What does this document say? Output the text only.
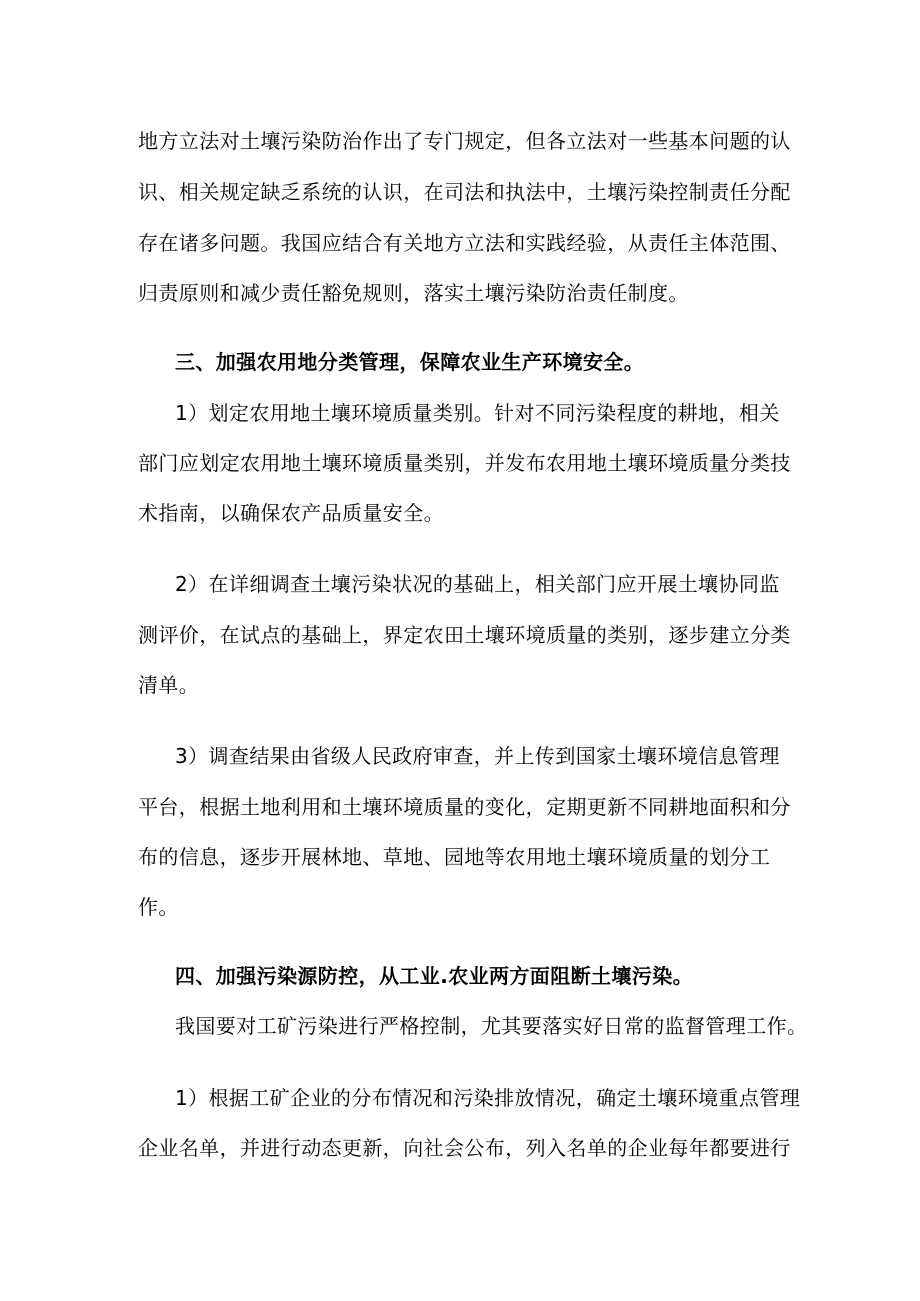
地方立法对土壤污染防治作出了专门规定，但各立法对一些基本问题的认
识、相关规定缺乏系统的认识，在司法和执法中，土壤污染控制责任分配
存在诸多问题。我国应结合有关地方立法和实践经验，从责任主体范围、
归责原则和减少责任豁免规则，落实土壤污染防治责任制度。
三、加强农用地分类管理，保障农业生产环境安全。
1）划定农用地土壤环境质量类别。针对不同污染程度的耕地，相关
部门应划定农用地土壤环境质量类别，并发布农用地土壤环境质量分类技
术指南，以确保农产品质量安全。
2）在详细调查土壤污染状况的基础上，相关部门应开展土壤协同监
测评价，在试点的基础上，界定农田土壤环境质量的类别，逐步建立分类
清单。
3）调查结果由省级人民政府审查，并上传到国家土壤环境信息管理
平台，根据土地利用和土壤环境质量的变化，定期更新不同耕地面积和分
布的信息，逐步开展林地、草地、园地等农用地土壤环境质量的划分工
作。
四、加强污染源防控，从工业.农业两方面阻断土壤污染。
我国要对工矿污染进行严格控制，尤其要落实好日常的监督管理工作。
1）根据工矿企业的分布情况和污染排放情况，确定土壤环境重点管理
企业名单，并进行动态更新，向社会公布，列入名单的企业每年都要进行
